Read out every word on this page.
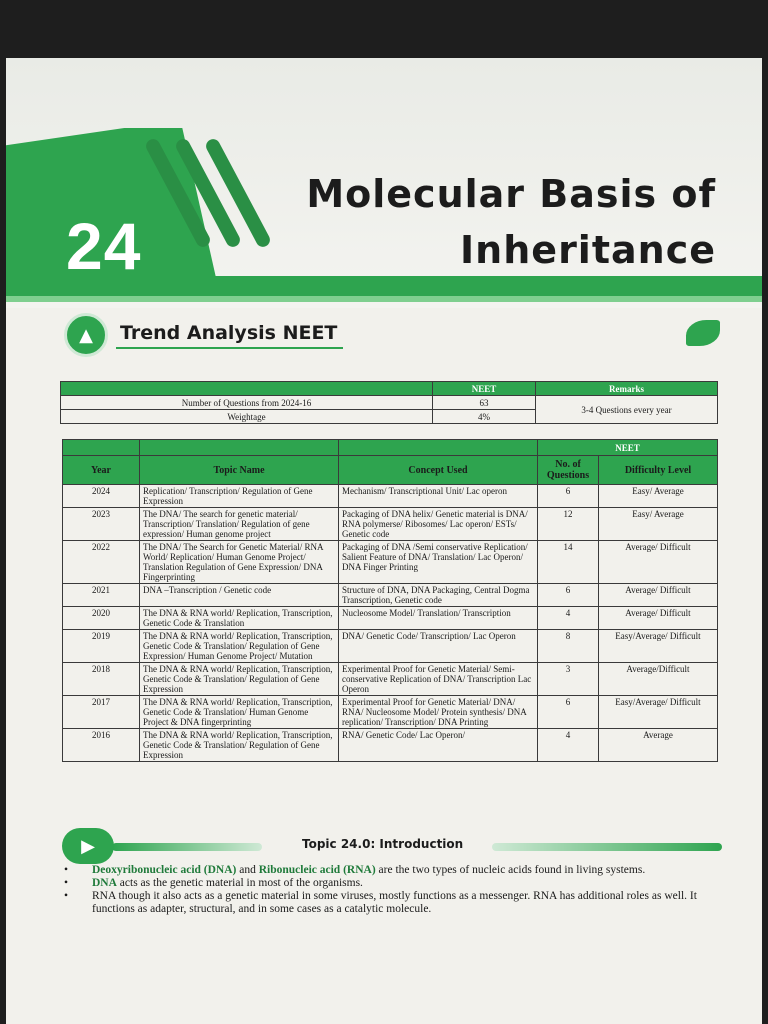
24
Molecular Basis of
Inheritance
▲	Trend Analysis NEET
	NEET	Remarks
Number of Questions from 2024-16	63	3-4 Questions every year
Weightage	4%	
			NEET	
Year	Topic Name	Concept Used	No. of Questions	Difficulty Level
2024	Replication/ Transcription/ Regulation of Gene Expression	Mechanism/ Transcriptional Unit/ Lac operon	6	Easy/ Average
2023	The DNA/ The search for genetic material/ Transcription/ Translation/ Regulation of gene expression/ Human genome project	Packaging of DNA helix/ Genetic material is DNA/ RNA polymerse/ Ribosomes/ Lac operon/ ESTs/ Genetic code	12	Easy/ Average
2022	The DNA/ The Search for Genetic Material/ RNA World/ Replication/ Human Genome Project/ Translation Regulation of Gene Expression/ DNA Fingerprinting	Packaging of DNA /Semi conservative Replication/ Salient Feature of DNA/ Translation/ Lac Operon/ DNA Finger Printing	14	Average/ Difficult
2021	DNA –Transcription / Genetic code	Structure of DNA, DNA Packaging, Central Dogma Transcription, Genetic code	6	Average/ Difficult
2020	The DNA & RNA world/ Replication, Transcription, Genetic Code & Translation	Nucleosome Model/ Translation/ Transcription	4	Average/ Difficult
2019	The DNA & RNA world/ Replication, Transcription, Genetic Code & Translation/ Regulation of Gene Expression/ Human Genome Project/ Mutation	DNA/ Genetic Code/ Transcription/ Lac Operon	8	Easy/Average/ Difficult
2018	The DNA & RNA world/ Replication, Transcription, Genetic Code & Translation/ Regulation of Gene Expression	Experimental Proof for Genetic Material/ Semi-conservative Replication of DNA/ Transcription Lac Operon	3	Average/Difficult
2017	The DNA & RNA world/ Replication, Transcription, Genetic Code & Translation/ Human Genome Project & DNA fingerprinting	Experimental Proof for Genetic Material/ DNA/ RNA/ Nucleosome Model/ Protein synthesis/ DNA replication/ Transcription/ DNA Printing	6	Easy/Average/ Difficult
2016	The DNA & RNA world/ Replication, Transcription, Genetic Code & Translation/ Regulation of Gene Expression	RNA/ Genetic Code/ Lac Operon/	4	Average
▶	Topic 24.0: Introduction
• Deoxyribonucleic acid (DNA) and Ribonucleic acid (RNA) are the two types of nucleic acids found in living systems.
• DNA acts as the genetic material in most of the organisms.
• RNA though it also acts as a genetic material in some viruses, mostly functions as a messenger. RNA has additional roles as well. It functions as adapter, structural, and in some cases as a catalytic molecule.
